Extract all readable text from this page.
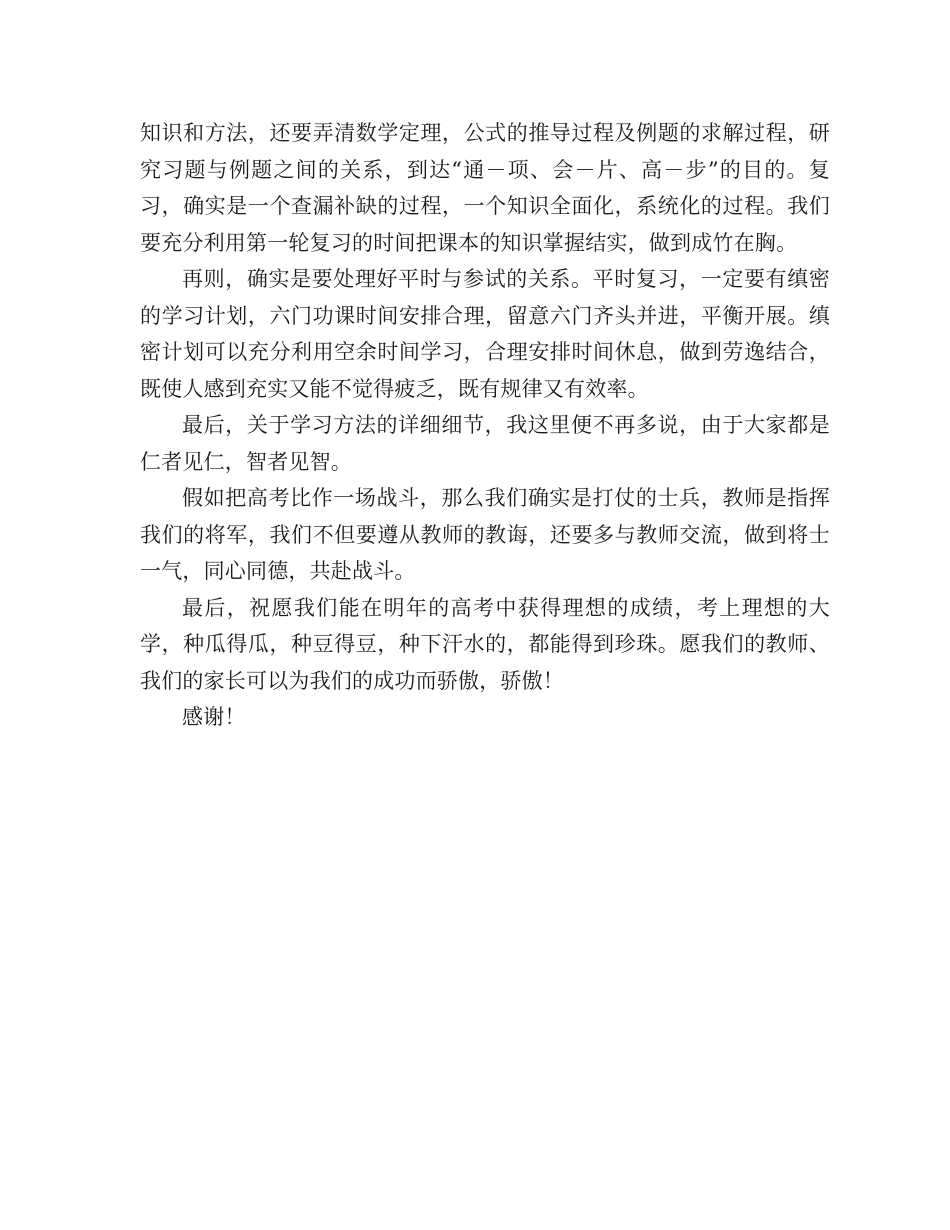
知识和方法，还要弄清数学定理，公式的推导过程及例题的求解过程，研究习题与例题之间的关系，到达“通－项、会－片、高－步”的目的。复习，确实是一个查漏补缺的过程，一个知识全面化，系统化的过程。我们要充分利用第一轮复习的时间把课本的知识掌握结实，做到成竹在胸。

再则，确实是要处理好平时与参试的关系。平时复习，一定要有缜密的学习计划，六门功课时间安排合理，留意六门齐头并进，平衡开展。缜密计划可以充分利用空余时间学习，合理安排时间休息，做到劳逸结合，既使人感到充实又能不觉得疲乏，既有规律又有效率。

最后，关于学习方法的详细细节，我这里便不再多说，由于大家都是仁者见仁，智者见智。

假如把高考比作一场战斗，那么我们确实是打仗的士兵，教师是指挥我们的将军，我们不但要遵从教师的教诲，还要多与教师交流，做到将士一气，同心同德，共赴战斗。

最后，祝愿我们能在明年的高考中获得理想的成绩，考上理想的大学，种瓜得瓜，种豆得豆，种下汗水的，都能得到珍珠。愿我们的教师、我们的家长可以为我们的成功而骄傲，骄傲！

感谢！
